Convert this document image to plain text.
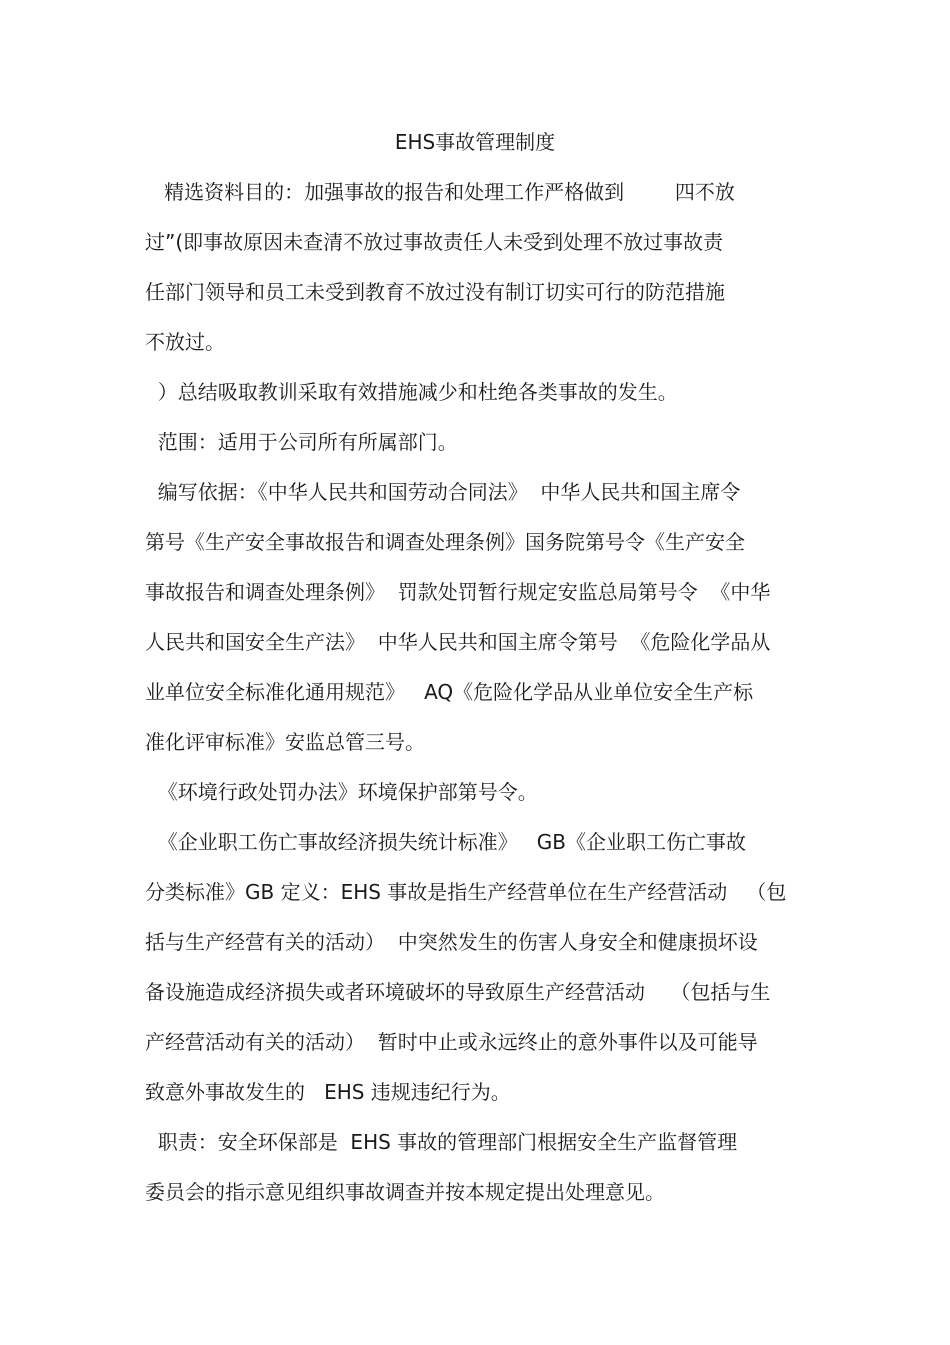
EHS事故管理制度
精选资料目的：加强事故的报告和处理工作严格做到        四不放
过”(即事故原因未查清不放过事故责任人未受到处理不放过事故责
任部门领导和员工未受到教育不放过没有制订切实可行的防范措施
不放过。
）总结吸取教训采取有效措施减少和杜绝各类事故的发生。
范围：适用于公司所有所属部门。
编写依据：《中华人民共和国劳动合同法》  中华人民共和国主席令
第号《生产安全事故报告和调查处理条例》国务院第号令《生产安全
事故报告和调查处理条例》  罚款处罚暂行规定安监总局第号令  《中华
人民共和国安全生产法》  中华人民共和国主席令第号  《危险化学品从
业单位安全标准化通用规范》   AQ《危险化学品从业单位安全生产标
准化评审标准》安监总管三号。
《环境行政处罚办法》环境保护部第号令。
《企业职工伤亡事故经济损失统计标准》   GB《企业职工伤亡事故
分类标准》GB 定义：EHS 事故是指生产经营单位在生产经营活动   （包
括与生产经营有关的活动）  中突然发生的伤害人身安全和健康损坏设
备设施造成经济损失或者环境破坏的导致原生产经营活动    （包括与生
产经营活动有关的活动）  暂时中止或永远终止的意外事件以及可能导
致意外事故发生的   EHS 违规违纪行为。
职责：安全环保部是  EHS 事故的管理部门根据安全生产监督管理
委员会的指示意见组织事故调查并按本规定提出处理意见。
